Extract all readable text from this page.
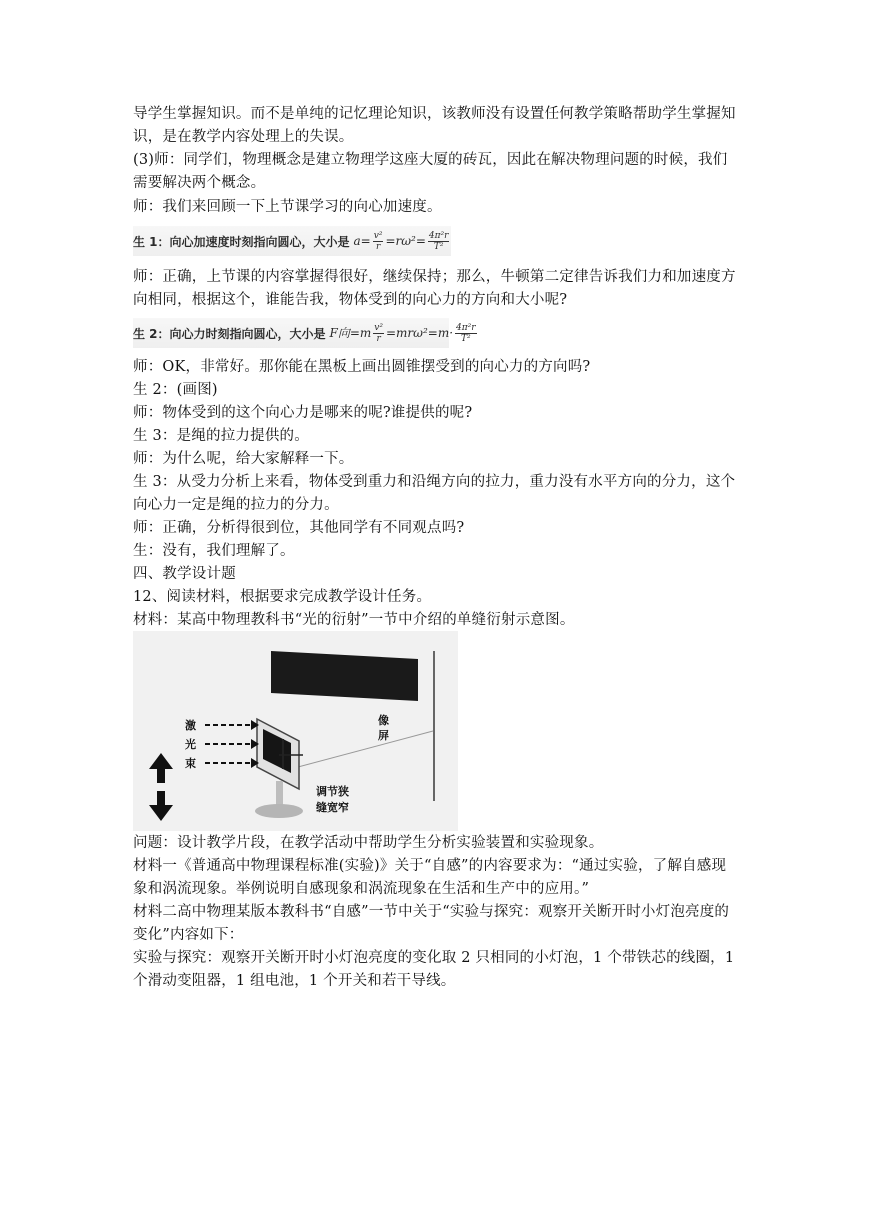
导学生掌握知识。而不是单纯的记忆理论知识，该教师没有设置任何教学策略帮助学生掌握知识，是在教学内容处理上的失误。

(3)师：同学们，物理概念是建立物理学这座大厦的砖瓦，因此在解决物理问题的时候，我们需要解决两个概念。

师：我们来回顾一下上节课学习的向心加速度。

生 1：向心加速度时刻指向圆心，大小是 $a= \frac{\text{v²}}{r} =r\omega^2= \frac{\text{4π²r}}{\text{T²}}$

师：正确，上节课的内容掌握得很好，继续保持；那么，牛顿第二定律告诉我们力和加速度方向相同，根据这个，谁能告我，物体受到的向心力的方向和大小呢?

生 2：向心力时刻指向圆心，大小是 F向$=m \frac{\text{v²}}{r} =mr\omega^2=m\cdot \frac{\text{4π²r}}{\text{T²}}$

师：OK，非常好。那你能在黑板上画出圆锥摆受到的向心力的方向吗?

生 2：(画图)

师：物体受到的这个向心力是哪来的呢?谁提供的呢?

生 3：是绳的拉力提供的。

师：为什么呢，给大家解释一下。

生 3：从受力分析上来看，物体受到重力和沿绳方向的拉力，重力没有水平方向的分力，这个向心力一定是绳的拉力的分力。

师：正确，分析得很到位，其他同学有不同观点吗?

生：没有，我们理解了。

四、教学设计题

12、阅读材料，根据要求完成教学设计任务。

材料：某高中物理教科书“光的衍射”一节中介绍的单缝衍射示意图。

激
光
束
像
屏
调节狭
缝宽窄

问题：设计教学片段，在教学活动中帮助学生分析实验装置和实验现象。

材料一《普通高中物理课程标准(实验)》关于“自感”的内容要求为：“通过实验，了解自感现象和涡流现象。举例说明自感现象和涡流现象在生活和生产中的应用。”

材料二高中物理某版本教科书“自感”一节中关于“实验与探究：观察开关断开时小灯泡亮度的变化”内容如下：

实验与探究：观察开关断开时小灯泡亮度的变化取 2 只相同的小灯泡，1 个带铁芯的线圈，1 个滑动变阻器，1 组电池，1 个开关和若干导线。
